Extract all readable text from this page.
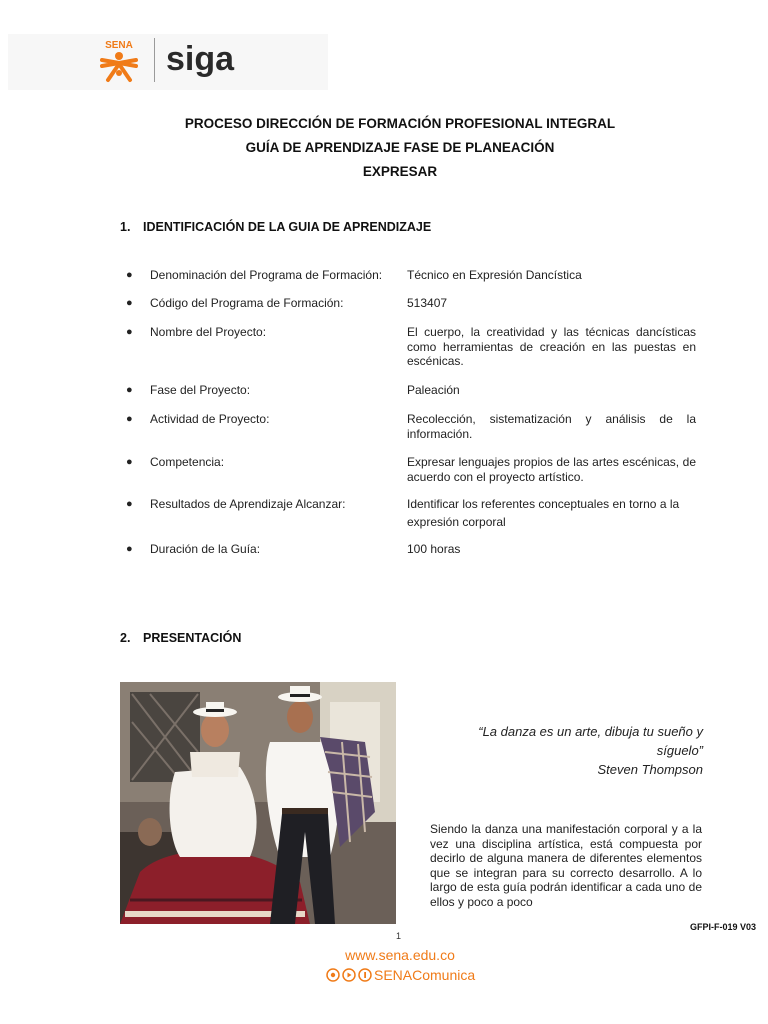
SENA siga
PROCESO DIRECCIÓN DE FORMACIÓN PROFESIONAL INTEGRAL
GUÍA DE APRENDIZAJE FASE DE PLANEACIÓN
EXPRESAR
1. IDENTIFICACIÓN DE LA GUIA DE APRENDIZAJE
● Denominación del Programa de Formación: Técnico en Expresión Dancística
● Código del Programa de Formación:	513407
● Nombre del Proyecto:	El cuerpo, la creatividad y las técnicas dancísticas como herramientas de creación en las puestas en escénicas.
● Fase del Proyecto:	Paleación
● Actividad de Proyecto:	Recolección, sistematización y análisis de la información.
● Competencia:	Expresar lenguajes propios de las artes escénicas, de acuerdo con el proyecto artístico.
● Resultados de Aprendizaje Alcanzar:	Identificar los referentes conceptuales en torno a la expresión corporal
● Duración de la Guía:	100 horas
2. PRESENTACIÓN
“La danza es un arte, dibuja tu sueño y
síguelo”
Steven Thompson
Siendo la danza una manifestación corporal y a la vez una disciplina artística, está compuesta por decirlo de alguna manera de diferentes elementos que se integran para su correcto desarrollo. A lo largo de esta guía podrán identificar a cada uno de ellos y poco a poco
1
GFPI-F-019 V03
www.sena.edu.co
SENAComunica
